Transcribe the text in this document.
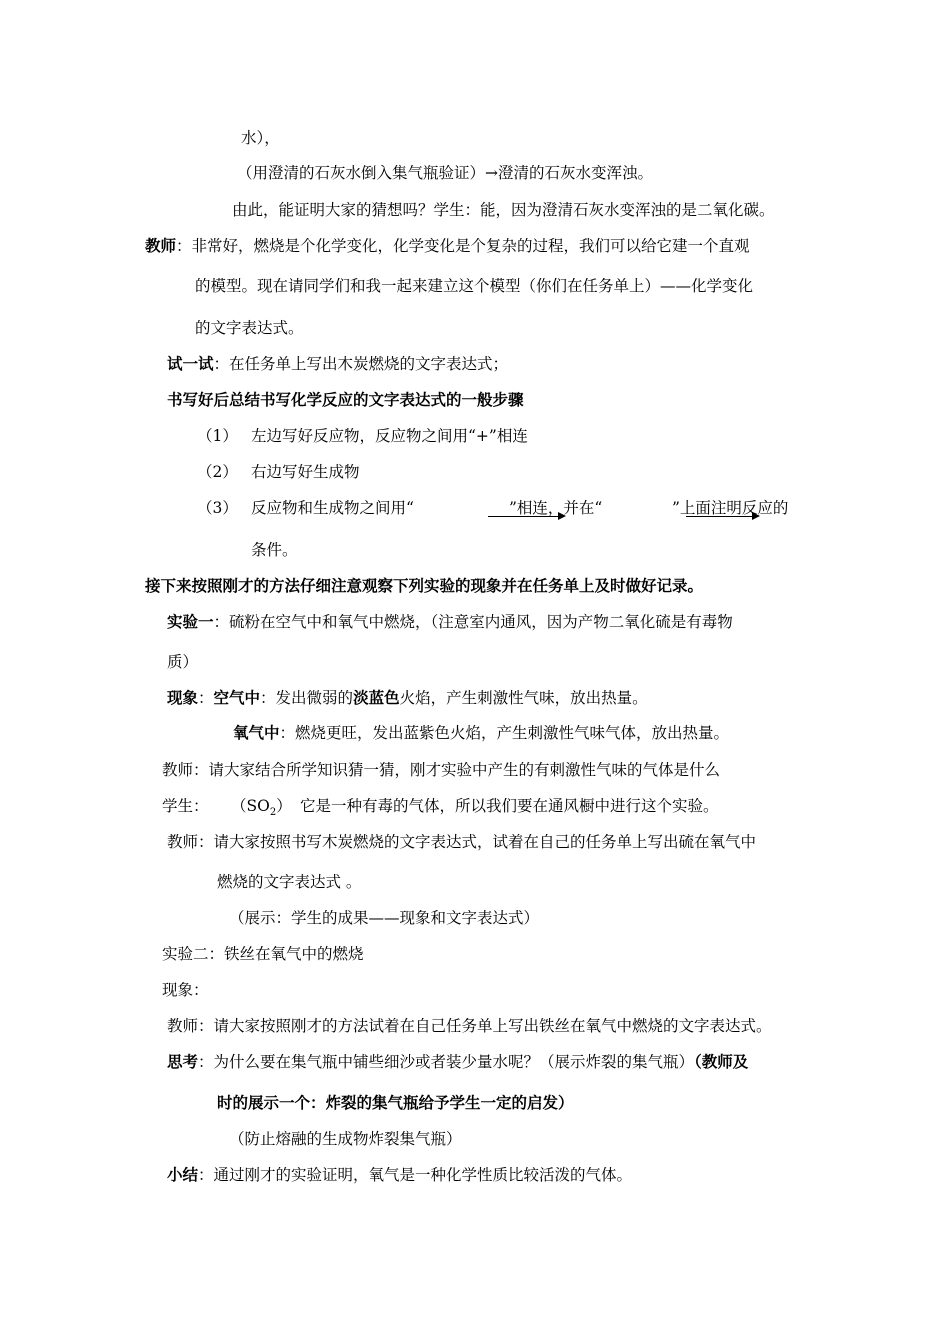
水），
（用澄清的石灰水倒入集气瓶验证）→澄清的石灰水变浑浊。
由此，能证明大家的猜想吗？学生：能，因为澄清石灰水变浑浊的是二氧化碳。
教师：非常好，燃烧是个化学变化，化学变化是个复杂的过程，我们可以给它建一个直观
的模型。现在请同学们和我一起来建立这个模型（你们在任务单上）——化学变化
的文字表达式。
试一试：在任务单上写出木炭燃烧的文字表达式；
书写好后总结书写化学反应的文字表达式的一般步骤
（1） 左边写好反应物，反应物之间用“+”相连
（2） 右边写好生成物
（3） 反应物和生成物之间用“	”相连，并在“	”上面注明反应的
条件。
接下来按照刚才的方法仔细注意观察下列实验的现象并在任务单上及时做好记录。
实验一：硫粉在空气中和氧气中燃烧，（注意室内通风，因为产物二氧化硫是有毒物
质）
现象：空气中：发出微弱的淡蓝色火焰，产生刺激性气味，放出热量。
氧气中：燃烧更旺，发出蓝紫色火焰，产生刺激性气味气体，放出热量。
教师：请大家结合所学知识猜一猜，刚才实验中产生的有刺激性气味的气体是什么
学生： $(SO_2)$ 它是一种有毒的气体，所以我们要在通风橱中进行这个实验。
教师：请大家按照书写木炭燃烧的文字表达式，试着在自己的任务单上写出硫在氧气中
燃烧的文字表达式 。
（展示：学生的成果——现象和文字表达式）
实验二：铁丝在氧气中的燃烧
现象：
教师：请大家按照刚才的方法试着在自己任务单上写出铁丝在氧气中燃烧的文字表达式。
思考：为什么要在集气瓶中铺些细沙或者装少量水呢？（展示炸裂的集气瓶）（教师及
时的展示一个：炸裂的集气瓶给予学生一定的启发）
（防止熔融的生成物炸裂集气瓶）
小结：通过刚才的实验证明，氧气是一种化学性质比较活泼的气体。
